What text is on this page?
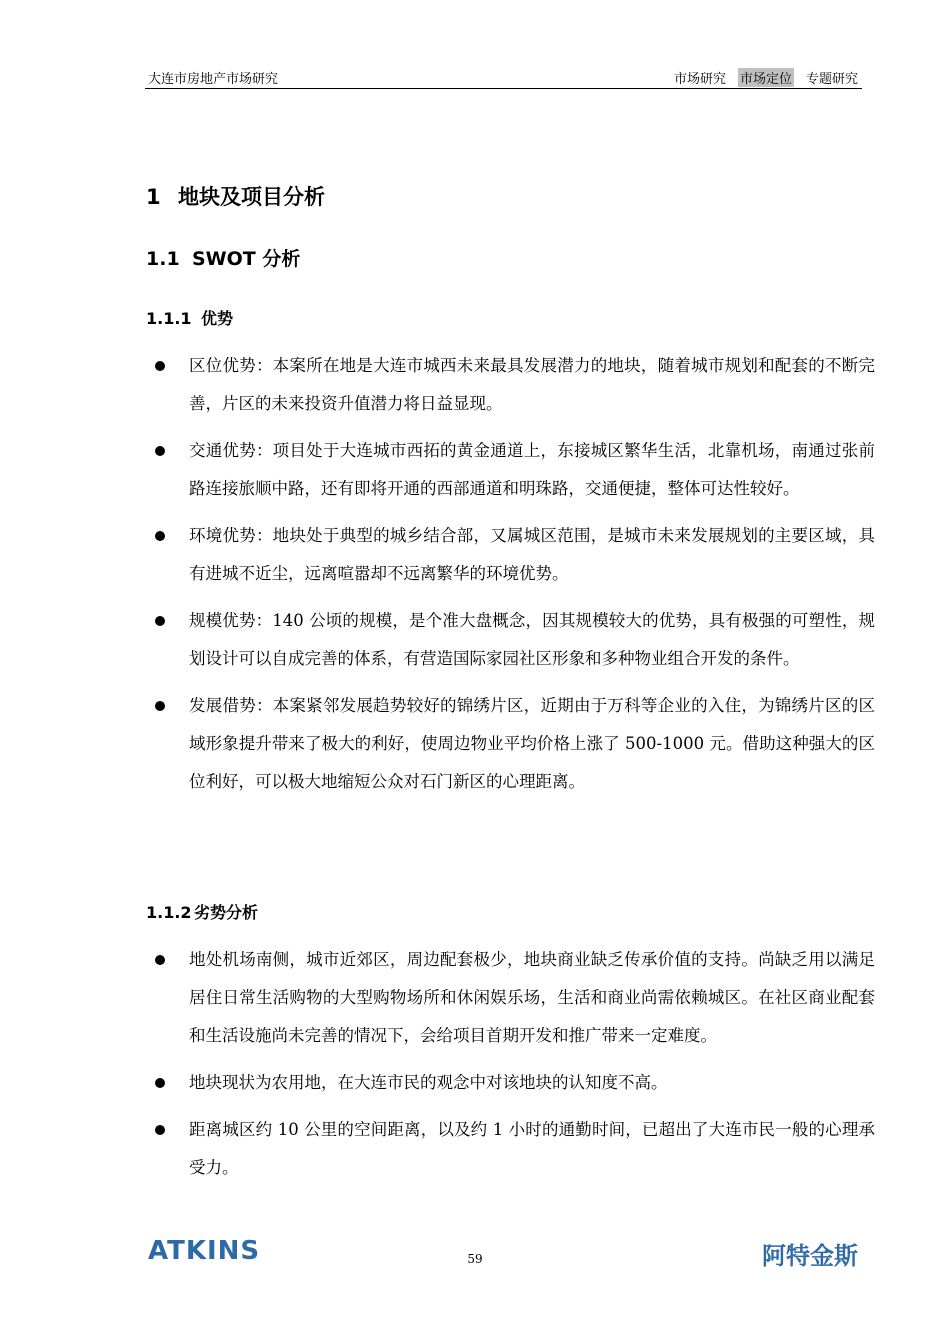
大连市房地产市场研究	市场研究 市场定位 专题研究
1 地块及项目分析
1.1 SWOT 分析
1.1.1 优势
区位优势：本案所在地是大连市城西未来最具发展潜力的地块，随着城市规划和配套的不断完善，片区的未来投资升值潜力将日益显现。
交通优势：项目处于大连城市西拓的黄金通道上，东接城区繁华生活，北靠机场，南通过张前路连接旅顺中路，还有即将开通的西部通道和明珠路，交通便捷，整体可达性较好。
环境优势：地块处于典型的城乡结合部，又属城区范围，是城市未来发展规划的主要区域，具有进城不近尘，远离喧嚣却不远离繁华的环境优势。
规模优势：140 公顷的规模，是个准大盘概念，因其规模较大的优势，具有极强的可塑性，规划设计可以自成完善的体系，有营造国际家园社区形象和多种物业组合开发的条件。
发展借势：本案紧邻发展趋势较好的锦绣片区，近期由于万科等企业的入住，为锦绣片区的区域形象提升带来了极大的利好，使周边物业平均价格上涨了 500-1000 元。借助这种强大的区位利好，可以极大地缩短公众对石门新区的心理距离。
1.1.2 劣势分析
地处机场南侧，城市近郊区，周边配套极少，地块商业缺乏传承价值的支持。尚缺乏用以满足居住日常生活购物的大型购物场所和休闲娱乐场，生活和商业尚需依赖城区。在社区商业配套和生活设施尚未完善的情况下，会给项目首期开发和推广带来一定难度。
地块现状为农用地，在大连市民的观念中对该地块的认知度不高。
距离城区约 10 公里的空间距离，以及约 1 小时的通勤时间，已超出了大连市民一般的心理承受力。
ATKINS	59	阿特金斯
